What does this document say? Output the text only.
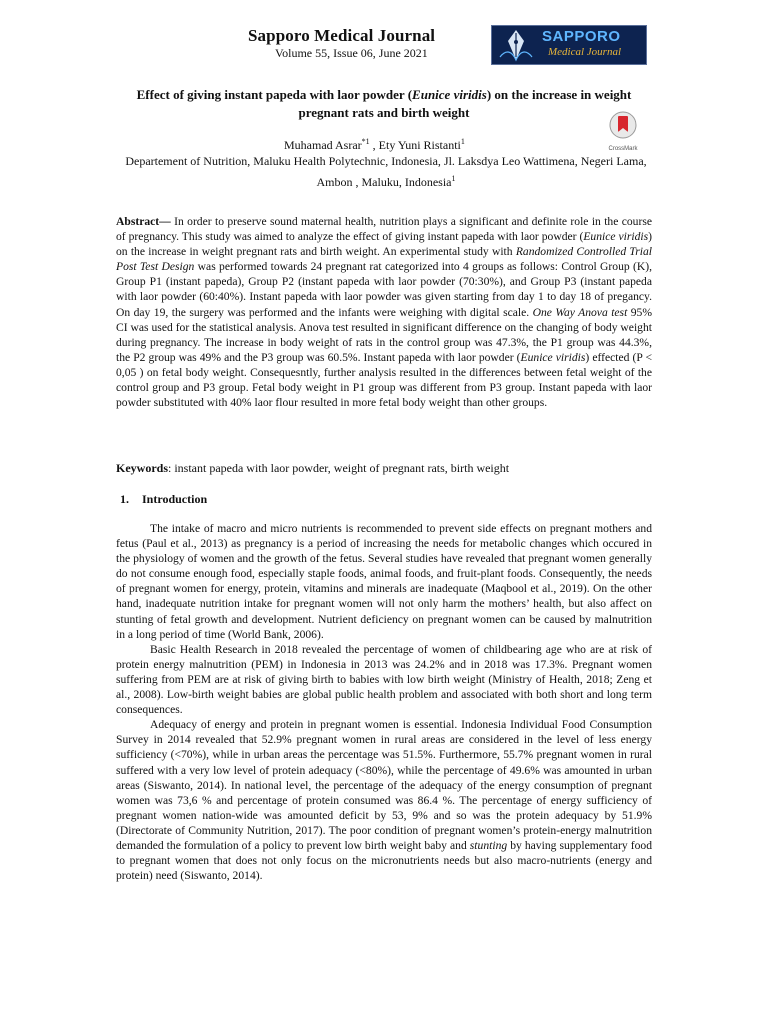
Sapporo Medical Journal
Volume 55, Issue 06, June 2021
SAPPORO
Medical Journal
Effect of giving instant papeda with laor powder (Eunice viridis) on the increase in weight pregnant rats and birth weight
CrossMark
Muhamad Asrar$^{*1}$ , Ety Yuni Ristanti$^1$
Departement of Nutrition, Maluku Health Polytechnic, Indonesia, Jl. Laksdya Leo Wattimena, Negeri Lama, Ambon , Maluku, Indonesia$^1$

Abstract— In order to preserve sound maternal health, nutrition plays a significant and definite role in the course of pregnancy. This study was aimed to analyze the effect of giving instant papeda with laor powder (Eunice viridis) on the increase in weight pregnant rats and birth weight. An experimental study with Randomized Controlled Trial Post Test Design was performed towards 24 pregnant rat categorized into 4 groups as follows: Control Group (K), Group P1 (instant papeda), Group P2 (instant papeda with laor powder (70:30%), and Group P3 (instant papeda with laor powder (60:40%). Instant papeda with laor powder was given starting from day 1 to day 18 of pregancy. On day 19, the surgery was performed and the infants were weighing with digital scale. One Way Anova test 95% CI was used for the statistical analysis. Anova test resulted in significant difference on the changing of body weight during pregnancy. The increase in body weight of rats in the control group was 47.3%, the P1 group was 44.3%, the P2 group was 49% and the P3 group was 60.5%. Instant papeda with laor powder (Eunice viridis) effected (P < 0,05 ) on fetal body weight. Consequesntly, further analysis resulted in the differences between fetal weight of the control group and P3 group. Fetal body weight in P1 group was different from P3 group. Instant papeda with laor powder substituted with 40% laor flour resulted in more fetal body weight than other groups.

Keywords: instant papeda with laor powder, weight of pregnant rats, birth weight
1. Introduction

The intake of macro and micro nutrients is recommended to prevent side effects on pregnant mothers and fetus (Paul et al., 2013) as pregnancy is a period of increasing the needs for metabolic changes which occured in the physiology of women and the growth of the fetus. Several studies have revealed that pregnant women generally do not consume enough food, especially staple foods, animal foods, and fruit-plant foods. Consequently, the needs of pregnant women for energy, protein, vitamins and minerals are inadequate (Maqbool et al., 2019). On the other hand, inadequate nutrition intake for pregnant women will not only harm the mothers’ health, but also affect on stunting of fetal growth and development. Nutrient deficiency on pregnant women can be caused by malnutrition in a long period of time (World Bank, 2006).

Basic Health Research in 2018 revealed the percentage of women of childbearing age who are at risk of protein energy malnutrition (PEM) in Indonesia in 2013 was 24.2% and in 2018 was 17.3%. Pregnant women suffering from PEM are at risk of giving birth to babies with low birth weight (Ministry of Health, 2018; Zeng et al., 2008). Low-birth weight babies are global public health problem and associated with both short and long term consequences.

Adequacy of energy and protein in pregnant women is essential. Indonesia Individual Food Consumption Survey in 2014 revealed that 52.9% pregnant women in rural areas are considered in the level of less energy sufficiency (<70%), while in urban areas the percentage was 51.5%. Furthermore, 55.7% pregnant women in rural suffered with a very low level of protein adequacy (<80%), while the percentage of 49.6% was amounted in urban areas (Siswanto, 2014). In national level, the percentage of the adequacy of the energy consumption of pregnant women was 73,6 % and percentage of protein consumed was 86.4 %. The percentage of energy sufficiency of pregnant women nation-wide was amounted deficit by 53, 9% and so was the protein adequacy by 51.9% (Directorate of Community Nutrition, 2017). The poor condition of pregnant women’s protein-energy malnutrition demanded the formulation of a policy to prevent low birth weight baby and stunting by having supplementary food to pregnant women that does not only focus on the micronutrients needs but also macro-nutrients (energy and protein) need (Siswanto, 2014).
